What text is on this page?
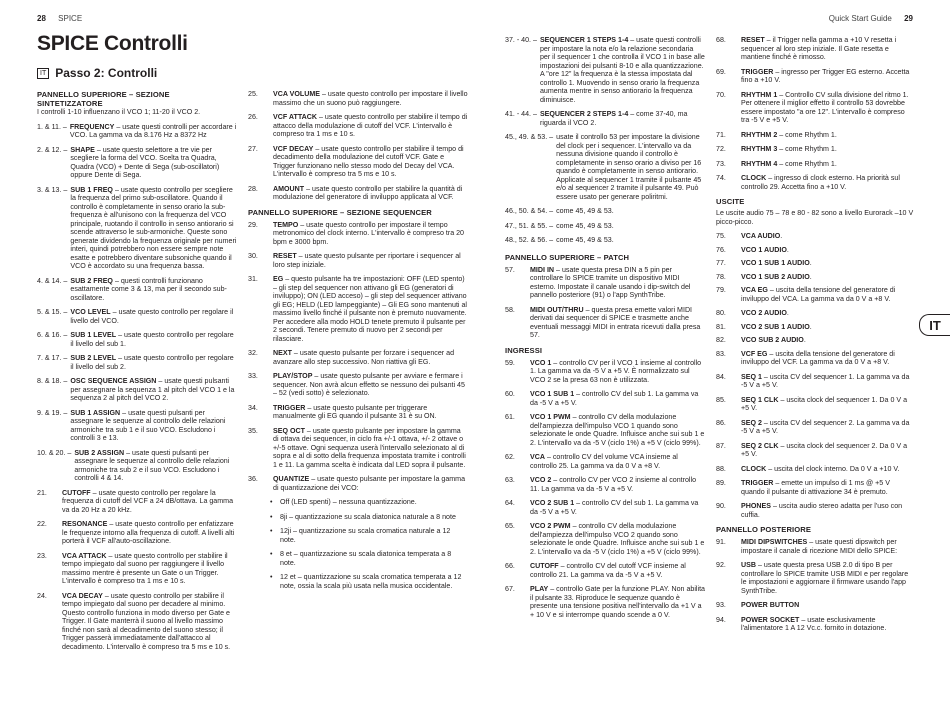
28 SPICE	Quick Start Guide 29
SPICE Controlli
IT Passo 2: Controlli
PANNELLO SUPERIORE – SEZIONE SINTETIZZATORE

I controlli 1-10 influenzano il VCO 1; 11-20 il VCO 2.

1. & 11. – FREQUENCY – usate questi controlli per accordare i VCO. La gamma va da 8.176 Hz a 8372 Hz
2. & 12. – SHAPE – usate questo selettore a tre vie per scegliere la forma del VCO. Scelta tra Quadra, Quadra (VCO) + Dente di Sega (sub-oscillatori) oppure Dente di Sega.
3. & 13. – SUB 1 FREQ – usate questo controllo per scegliere la frequenza del primo sub-oscillatore. Quando il controllo è completamente in senso orario la sub-frequenza è all'unisono con la frequenza del VCO principale, ruotando il controllo in senso antiorario si scende attraverso le sub-armoniche. Queste sono generate dividendo la frequenza originale per numeri interi, quindi potrebbero non essere sempre note esatte e potrebbero diventare subsoniche quando il VCO è accordato su una frequenza bassa.
4. & 14. – SUB 2 FREQ – questi controlli funzionano esattamente come 3 & 13, ma per il secondo sub-oscillatore.
5. & 15. – VCO LEVEL – usate questo controllo per regolare il livello del VCO.
6. & 16. – SUB 1 LEVEL – usate questo controllo per regolare il livello del sub 1.
7. & 17. – SUB 2 LEVEL – usate questo controllo per regolare il livello del sub 2.
8. & 18. – OSC SEQUENCE ASSIGN – usate questi pulsanti per assegnare la sequenza 1 al pitch del VCO 1 e la sequenza 2 al pitch del VCO 2.
9. & 19. – SUB 1 ASSIGN – usate questi pulsanti per assegnare le sequenze al controllo delle relazioni armoniche tra sub 1 e il suo VCO. Escludono i controlli 3 e 13.
10. & 20. – SUB 2 ASSIGN – usate questi pulsanti per assegnare le sequenze al controllo delle relazioni armoniche tra sub 2 e il suo VCO. Escludono i controlli 4 & 14.
21.	CUTOFF – usate questo controllo per regolare la frequenza di cutoff del VCF a 24 dB/ottava. La gamma va da 20 Hz a 20 kHz.
22.	RESONANCE – usate questo controllo per enfatizzare le frequenze intorno alla frequenza di cutoff. A livelli alti porterà il VCF all'auto-oscillazione.
23.	VCA ATTACK – usate questo controllo per stabilire il tempo impiegato dal suono per raggiungere il livello massimo mentre è presente un Gate o un Trigger. L'intervallo è compreso tra 1 ms e 10 s.
24.	VCA DECAY – usate questo controllo per stabilire il tempo impiegato dal suono per decadere al minimo. Questo controllo funziona in modo diverso per Gate e Trigger. Il Gate manterrà il suono al livello massimo finché non sarà al decadimento del suono stesso; il Trigger passerà immediatamente dall'attacco al decadimento. L'intervallo è compreso tra 5 ms e 10 s.
25.	VCA VOLUME – usate questo controllo per impostare il livello massimo che un suono può raggiungere.
26.	VCF ATTACK – usate questo controllo per stabilire il tempo di attacco della modulazione di cutoff del VCF. L'intervallo è compreso tra 1 ms e 10 s.
27.	VCF DECAY – usate questo controllo per stabilire il tempo di decadimento della modulazione del cutoff VCF. Gate e Trigger funzionano nello stesso modo del Decay del VCA. L'intervallo è compreso tra 5 ms e 10 s.
28.	AMOUNT – usate questo controllo per stabilire la quantità di modulazione del generatore di inviluppo applicata al VCF.
PANNELLO SUPERIORE – SEZIONE SEQUENCER
29.	TEMPO – usate questo controllo per impostare il tempo metronomico del clock interno. L'intervallo è compreso tra 20 bpm e 3000 bpm.
30.	RESET – usate questo pulsante per riportare i sequencer al loro step iniziale.
31.	EG – questo pulsante ha tre impostazioni: OFF (LED spento) – gli step del sequencer non attivano gli EG (generatori di inviluppo); ON (LED acceso) – gli step del sequencer attivano gli EG; HELD (LED lampeggiante) – Gli EG sono mantenuti al massimo livello finché il pulsante non è premuto nuovamente. Per accedere alla modo HOLD tenete premuto il pulsante per 2 secondi. Tenere premuto di nuovo per 2 secondi per rilasciare.
32.	NEXT – usate questo pulsante per forzare i sequencer ad avanzare allo step successivo. Non riattiva gli EG.
33.	PLAY/STOP – usate questo pulsante per avviare e fermare i sequencer. Non avrà alcun effetto se nessuno dei pulsanti 45 – 52 (vedi sotto) è selezionato.
34.	TRIGGER – usate questo pulsante per triggerare manualmente gli EG quando il pulsante 31 è su ON.
35.	SEQ OCT – usate questo pulsante per impostare la gamma di ottava dei sequencer, in ciclo fra +/-1 ottava, +/- 2 ottave o +/-5 ottave. Ogni sequenza userà l'intervallo selezionato al di sopra e al di sotto della frequenza impostata tramite i controlli 1 e 11. La gamma scelta è indicata dal LED sopra il pulsante.
36.	QUANTIZE – usate questo pulsante per impostare la gamma di quantizzazione dei VCO:
•	Off (LED spenti) – nessuna quantizzazione.
•	8ji – quantizzazione su scala diatonica naturale a 8 note
•	12ji – quantizzazione su scala cromatica naturale a 12 note.
•	8 et – quantizzazione su scala diatonica temperata a 8 note.
•	12 et – quantizzazione su scala cromatica temperata a 12 note, ossia la scala più usata nella musica occidentale.
37. - 40. – SEQUENCER 1 STEPS 1-4 – usate questi controlli per impostare la nota e/o la relazione secondaria per il sequencer 1 che controlla il VCO 1 in base alle impostazioni dei pulsanti 8-10 e alla quantizzazione. A "ore 12" la frequenza è la stessa impostata dal controllo 1. Muovendo in senso orario la frequenza aumenta mentre in senso antiorario la frequenza diminuisce.
41. - 44. – SEQUENCER 2 STEPS 1-4 – come 37-40, ma riguarda il VCO 2.
45., 49. & 53. – usate il controllo 53 per impostare la divisione del clock per i sequencer. L'intervallo va da nessuna divisione quando il controllo è completamente in senso orario a diviso per 16 quando è completamente in senso antiorario. Applicate al sequencer 1 tramite il pulsante 45 e/o al sequencer 2 tramite il pulsante 49. Può essere usato per generare poliritmi.
46., 50. & 54. – come 45, 49 & 53.
47., 51. & 55. – come 45, 49 & 53.
48., 52. & 56. – come 45, 49 & 53.
PANNELLO SUPERIORE – PATCH
57.	MIDI IN – usate questa presa DIN a 5 pin per controllare lo SPICE tramite un dispositivo MIDI esterno. Impostate il canale usando i dip-switch del pannello posteriore (91) o l'app SynthTribe.
58.	MIDI OUT/THRU – questa presa emette valori MIDI derivati dai sequencer di SPICE e trasmette anche eventuali messaggi MIDI in entrata ricevuti dalla presa 57.
INGRESSI
59.	VCO 1 – controllo CV per il VCO 1 insieme al controllo 1. La gamma va da -5 V a +5 V. È normalizzato sul VCO 2 se la presa 63 non è utilizzata.
60.	VCO 1 SUB 1 – controllo CV del sub 1. La gamma va da -5 V a +5 V.
61.	VCO 1 PWM – controllo CV della modulazione dell'ampiezza dell'impulso VCO 1 quando sono selezionate le onde Quadre. Influisce anche sui sub 1 e 2. L'intervallo va da -5 V (ciclo 1%) a +5 V (ciclo 99%).
62.	VCA – controllo CV del volume VCA insieme al controllo 25. La gamma va da 0 V a +8 V.
63.	VCO 2 – controllo CV per VCO 2 insieme al controllo 11. La gamma va da -5 V a +5 V.
64.	VCO 2 SUB 1 – controllo CV del sub 1. La gamma va da -5 V a +5 V.
65.	VCO 2 PWM – controllo CV della modulazione dell'ampiezza dell'impulso VCO 2 quando sono selezionate le onde Quadre. Influisce anche sui sub 1 e 2. L'intervallo va da -5 V (ciclo 1%) a +5 V (ciclo 99%).
66.	CUTOFF – controllo CV del cutoff VCF insieme al controllo 21. La gamma va da -5 V a +5 V.
67.	PLAY – controllo Gate per la funzione PLAY. Non abilita il pulsante 33. Riproduce le sequenze quando è presente una tensione positiva nell'intervallo da +1 V a + 10 V e si interrompe quando scende a 0 V.
68.	RESET – il Trigger nella gamma a +10 V resetta i sequencer al loro step iniziale. Il Gate resetta e mantiene finché è rimosso.
69.	TRIGGER – ingresso per Trigger EG esterno. Accetta fino a +10 V.
70.	RHYTHM 1 – Controllo CV sulla divisione del ritmo 1. Per ottenere il miglior effetto il controllo 53 dovrebbe essere impostato "a ore 12". L'intervallo è compreso tra -5 V e +5 V.
71.	RHYTHM 2 – come Rhythm 1.
72.	RHYTHM 3 – come Rhythm 1.
73.	RHYTHM 4 – come Rhythm 1.
74.	CLOCK – ingresso di clock esterno. Ha priorità sul controllo 29. Accetta fino a +10 V.
USCITE

Le uscite audio 75 – 78 e 80 - 82 sono a livello Eurorack –10 V picco-picco.

75.	VCA AUDIO.
76.	VCO 1 AUDIO.
77.	VCO 1 SUB 1 AUDIO.
78.	VCO 1 SUB 2 AUDIO.
79.	VCA EG – uscita della tensione del generatore di inviluppo del VCA. La gamma va da 0 V a +8 V.
80.	VCO 2 AUDIO.
81.	VCO 2 SUB 1 AUDIO.
82.	VCO SUB 2 AUDIO.
83.	VCF EG – uscita della tensione del generatore di inviluppo del VCF. La gamma va da 0 V a +8 V.
84.	SEQ 1 – uscita CV del sequencer 1. La gamma va da -5 V a +5 V.
85.	SEQ 1 CLK – uscita clock del sequencer 1. Da 0 V a +5 V.
86.	SEQ 2 – uscita CV del sequencer 2. La gamma va da -5 V a +5 V.
87.	SEQ 2 CLK – uscita clock del sequencer 2. Da 0 V a +5 V.
88.	CLOCK – uscita del clock interno. Da 0 V a +10 V.
89.	TRIGGER – emette un impulso di 1 ms @ +5 V quando il pulsante di attivazione 34 è premuto.
90.	PHONES – uscita audio stereo adatta per l'uso con cuffia.
PANNELLO POSTERIORE
91.	MIDI DIPSWITCHES – usate questi dipswitch per impostare il canale di ricezione MIDI dello SPICE:
92.	USB – usate questa presa USB 2.0 di tipo B per controllare lo SPICE tramite USB MIDI e per regolare le impostazioni e aggiornare il firmware usando l'app SynthTribe.
93.	POWER BUTTON
94.	POWER SOCKET – usate esclusivamente l'alimentatore 1 A 12 Vc.c. fornito in dotazione.
IT
